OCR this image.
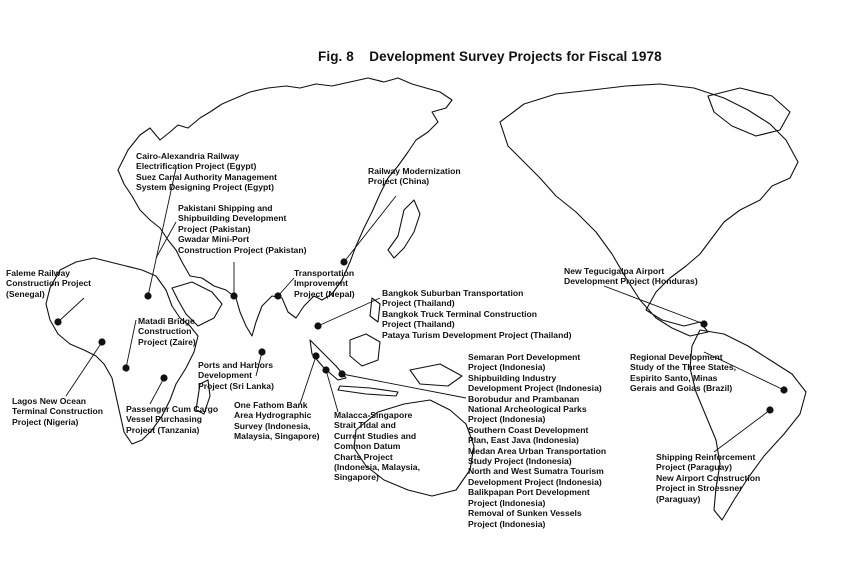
Fig. 8    Development Survey Projects for Fiscal 1978
Cairo-Alexandria Railway
Electrification Project (Egypt)
Suez Canal Authority Management
System Designing Project (Egypt)
Pakistani Shipping and
Shipbuilding Development
Project (Pakistan)
Gwadar Mini-Port
Construction Project (Pakistan)
Railway Modernization
Project (China)
Transportation
Improvement
Project (Nepal)	Bangkok Suburban Transportation
Project (Thailand)
Bangkok Truck Terminal Construction
Project (Thailand)
Pataya Turism Development Project (Thailand)
Faleme Railway
Construction Project
(Senegal)
Matadi Bridge
Construction
Project (Zaire)
Lagos New Ocean
Terminal Construction
Project (Nigeria)
Passenger Cum Cargo
Vessel Purchasing
Project (Tanzania)
Ports and Harbors
Development
Project (Sri Lanka)
One Fathom Bank
Area Hydrographic
Survey (Indonesia,
Malaysia, Singapore)
Malacca-Singapore
Strait Tidal and
Current Studies and
Common Datum
Charts Project
(Indonesia, Malaysia,
Singapore)
Semaran Port Development
Project (Indonesia)
Shipbuilding Industry
Development Project (Indonesia)
Borobudur and Prambanan
National Archeological Parks
Project (Indonesia)
Southern Coast Development
Plan, East Java (Indonesia)
Medan Area Urban Transportation
Study Project (Indonesia)
North and West Sumatra Tourism
Development Project (Indonesia)
Balikpapan Port Development
Project (Indonesia)
Removal of Sunken Vessels
Project (Indonesia)
New Tegucigalpa Airport
Development Project (Honduras)
Regional Development
Study of the Three States,
Espirito Santo, Minas
Gerais and Goias (Brazil)
Shipping Reinforcement
Project (Paraguay)
New Airport Construction
Project in Stroessner
(Paraguay)
